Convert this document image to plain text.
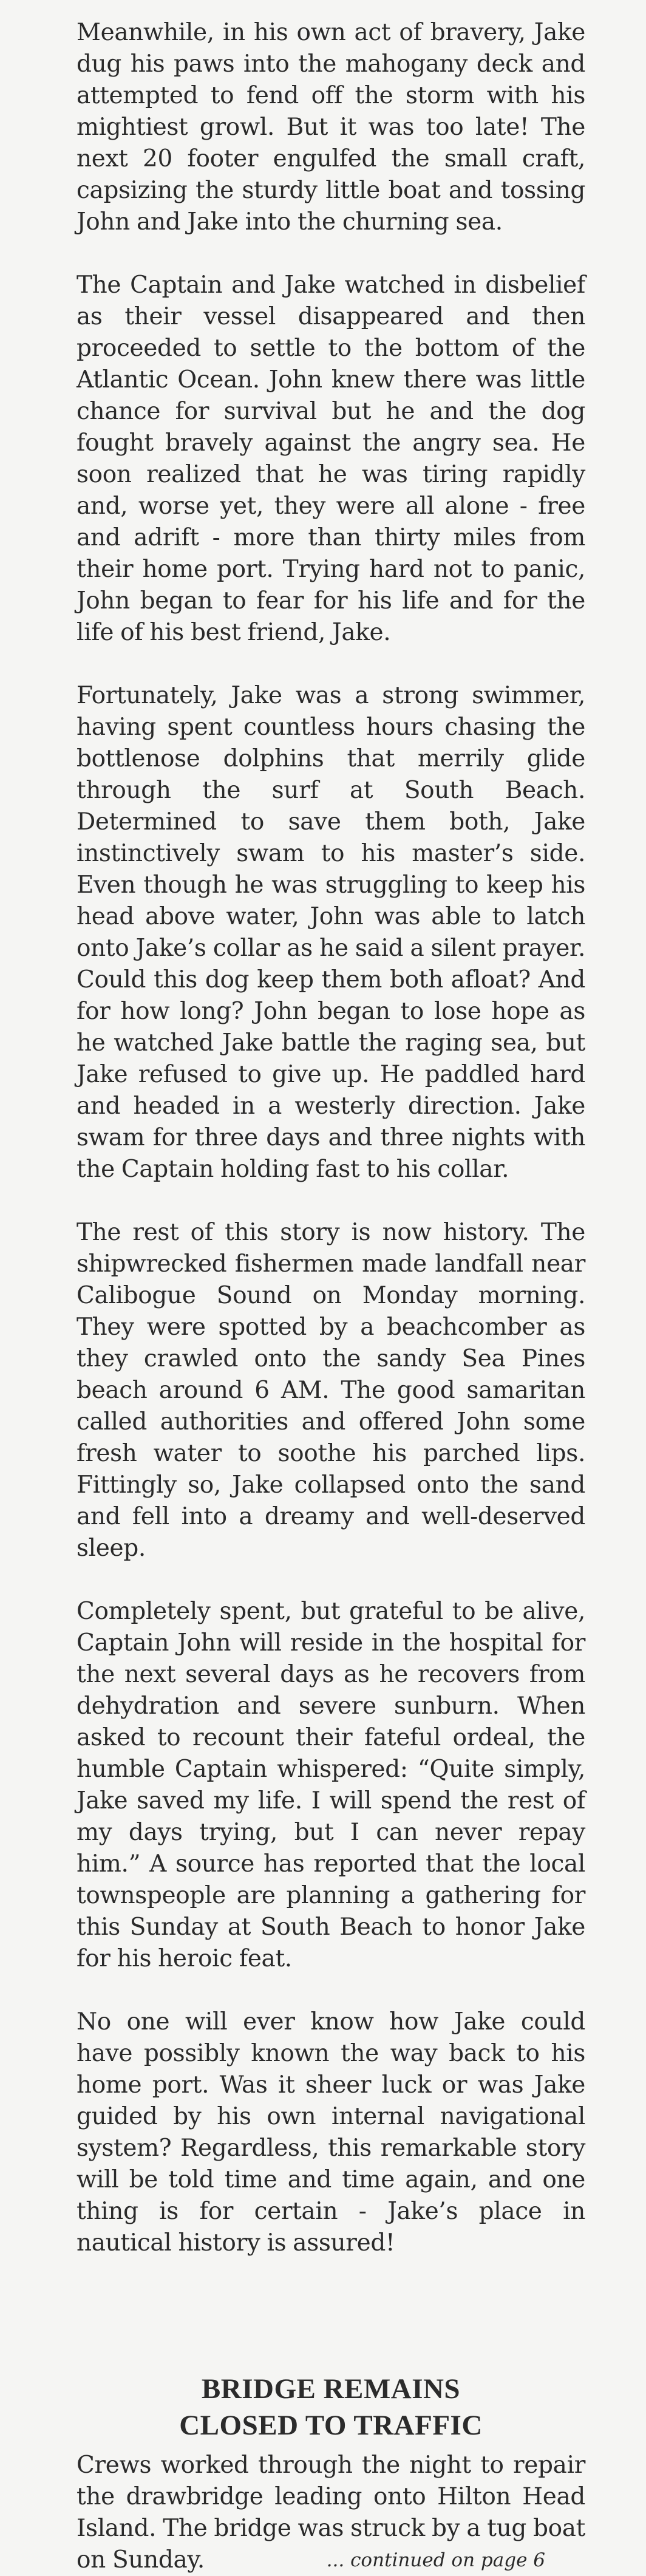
Meanwhile, in his own act of bravery, Jake dug his paws into the mahogany deck and attempted to fend off the storm with his mightiest growl. But it was too late! The next 20 footer engulfed the small craft, capsizing the sturdy little boat and tossing John and Jake into the churning sea.

The Captain and Jake watched in disbelief as their vessel disappeared and then proceeded to settle to the bottom of the Atlantic Ocean. John knew there was little chance for survival but he and the dog fought bravely against the angry sea. He soon realized that he was tiring rapidly and, worse yet, they were all alone - free and adrift - more than thirty miles from their home port. Trying hard not to panic, John began to fear for his life and for the life of his best friend, Jake.

Fortunately, Jake was a strong swimmer, having spent countless hours chasing the bottlenose dolphins that merrily glide through the surf at South Beach. Determined to save them both, Jake instinctively swam to his master’s side. Even though he was struggling to keep his head above water, John was able to latch onto Jake’s collar as he said a silent prayer. Could this dog keep them both afloat? And for how long? John began to lose hope as he watched Jake battle the raging sea, but Jake refused to give up. He paddled hard and headed in a westerly direction. Jake swam for three days and three nights with the Captain holding fast to his collar.

The rest of this story is now history. The shipwrecked fishermen made landfall near Calibogue Sound on Monday morning. They were spotted by a beachcomber as they crawled onto the sandy Sea Pines beach around 6 AM. The good samaritan called authorities and offered John some fresh water to soothe his parched lips. Fittingly so, Jake collapsed onto the sand and fell into a dreamy and well-deserved sleep.

Completely spent, but grateful to be alive, Captain John will reside in the hospital for the next several days as he recovers from dehydration and severe sunburn. When asked to recount their fateful ordeal, the humble Captain whispered: “Quite simply, Jake saved my life. I will spend the rest of my days trying, but I can never repay him.” A source has reported that the local townspeople are planning a gathering for this Sunday at South Beach to honor Jake for his heroic feat.

No one will ever know how Jake could have possibly known the way back to his home port. Was it sheer luck or was Jake guided by his own internal navigational system? Regardless, this remarkable story will be told time and time again, and one thing is for certain - Jake’s place in nautical history is assured!

BRIDGE REMAINS
CLOSED TO TRAFFIC

Crews worked through the night to repair the drawbridge leading onto Hilton Head Island. The bridge was struck by a tug boat on Sunday.	... continued on page 6
